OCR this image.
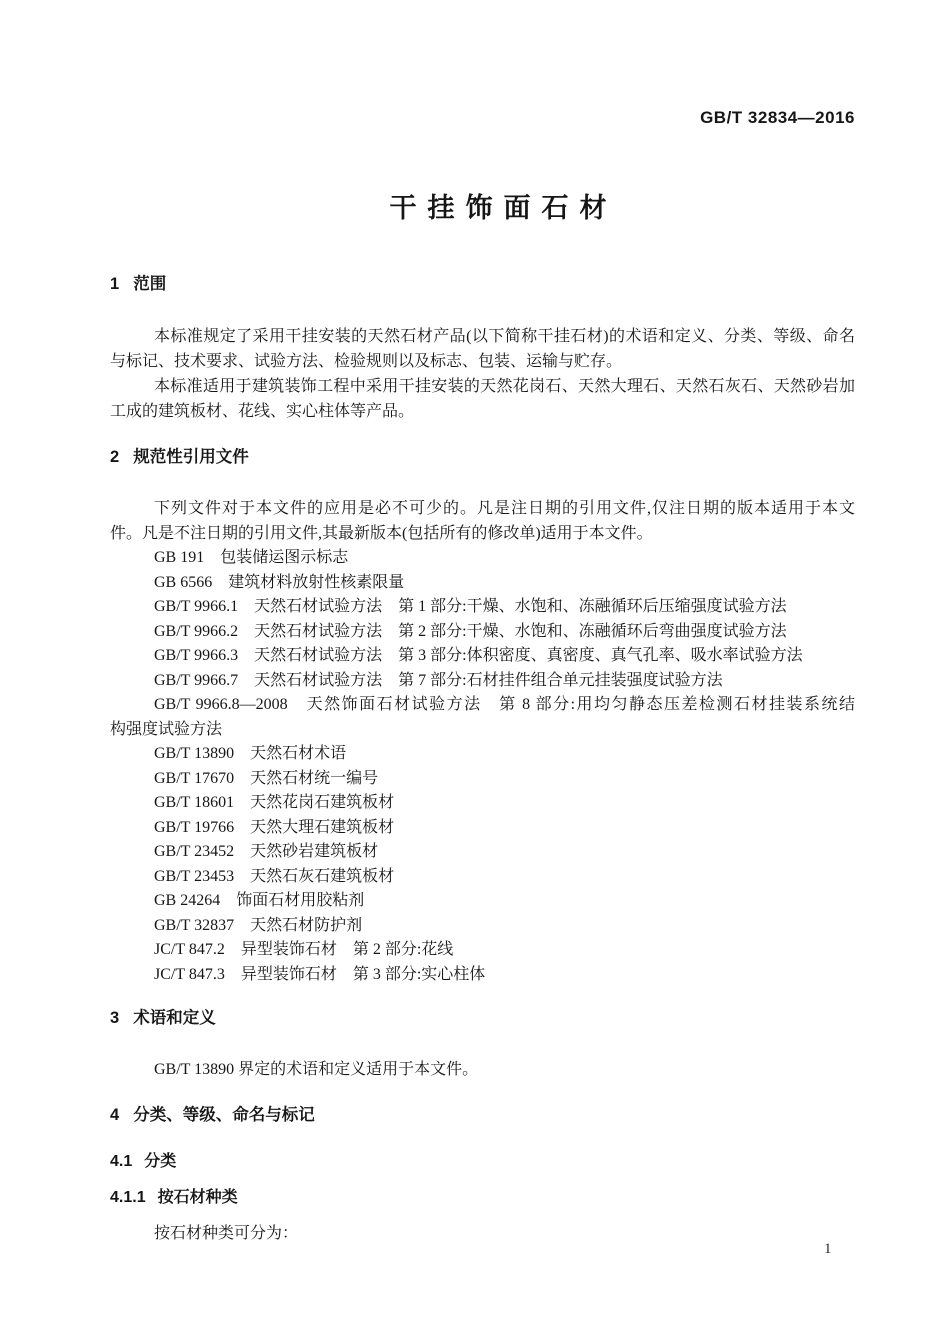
GB/T 32834—2016
干挂饰面石材
1 范围
本标准规定了采用干挂安装的天然石材产品(以下简称干挂石材)的术语和定义、分类、等级、命名
与标记、技术要求、试验方法、检验规则以及标志、包装、运输与贮存。
本标准适用于建筑装饰工程中采用干挂安装的天然花岗石、天然大理石、天然石灰石、天然砂岩加
工成的建筑板材、花线、实心柱体等产品。
2 规范性引用文件
下列文件对于本文件的应用是必不可少的。凡是注日期的引用文件,仅注日期的版本适用于本文
件。凡是不注日期的引用文件,其最新版本(包括所有的修改单)适用于本文件。
GB 191　包装储运图示标志
GB 6566　建筑材料放射性核素限量
GB/T 9966.1　天然石材试验方法　第 1 部分:干燥、水饱和、冻融循环后压缩强度试验方法
GB/T 9966.2　天然石材试验方法　第 2 部分:干燥、水饱和、冻融循环后弯曲强度试验方法
GB/T 9966.3　天然石材试验方法　第 3 部分:体积密度、真密度、真气孔率、吸水率试验方法
GB/T 9966.7　天然石材试验方法　第 7 部分:石材挂件组合单元挂装强度试验方法
GB/T 9966.8—2008　天然饰面石材试验方法　第 8 部分:用均匀静态压差检测石材挂装系统结
构强度试验方法
GB/T 13890　天然石材术语
GB/T 17670　天然石材统一编号
GB/T 18601　天然花岗石建筑板材
GB/T 19766　天然大理石建筑板材
GB/T 23452　天然砂岩建筑板材
GB/T 23453　天然石灰石建筑板材
GB 24264　饰面石材用胶粘剂
GB/T 32837　天然石材防护剂
JC/T 847.2　异型装饰石材　第 2 部分:花线
JC/T 847.3　异型装饰石材　第 3 部分:实心柱体
3 术语和定义
GB/T 13890 界定的术语和定义适用于本文件。
4 分类、等级、命名与标记
4.1 分类
4.1.1 按石材种类
按石材种类可分为：
1
